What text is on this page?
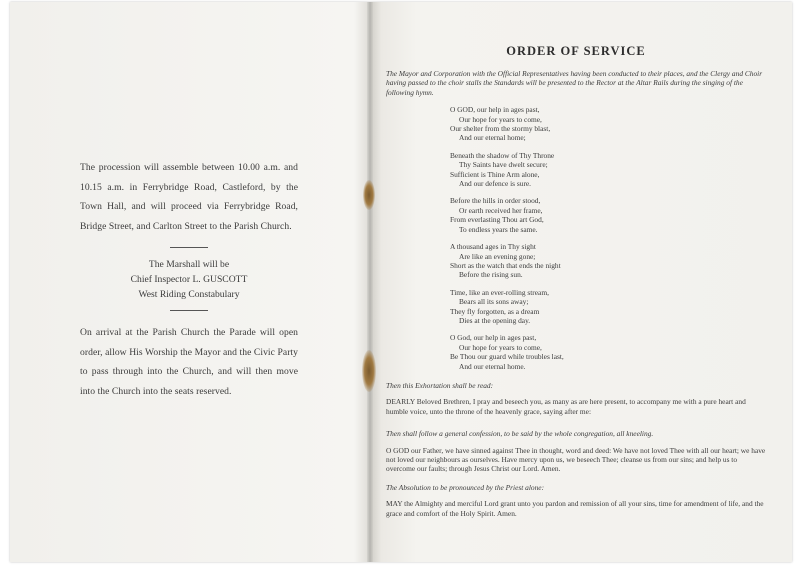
The procession will assemble between 10.00 a.m. and 10.15 a.m. in Ferrybridge Road, Castleford, by the Town Hall, and will proceed via Ferrybridge Road, Bridge Street, and Carlton Street to the Parish Church.

The Marshall will be
Chief Inspector L. GUSCOTT
West Riding Constabulary

On arrival at the Parish Church the Parade will open order, allow His Worship the Mayor and the Civic Party to pass through into the Church, and will then move into the Church into the seats reserved.

ORDER OF SERVICE

The Mayor and Corporation with the Official Representatives having been conducted to their places, and the Clergy and Choir having passed to the choir stalls the Standards will be presented to the Rector at the Altar Rails during the singing of the following hymn.

O GOD, our help in ages past,
Our hope for years to come,
Our shelter from the stormy blast,
And our eternal home;
Beneath the shadow of Thy Throne
Thy Saints have dwelt secure;
Sufficient is Thine Arm alone,
And our defence is sure.
Before the hills in order stood,
Or earth received her frame,
From everlasting Thou art God,
To endless years the same.
A thousand ages in Thy sight
Are like an evening gone;
Short as the watch that ends the night
Before the rising sun.
Time, like an ever-rolling stream,
Bears all its sons away;
They fly forgotten, as a dream
Dies at the opening day.
O God, our help in ages past,
Our hope for years to come,
Be Thou our guard while troubles last,
And our eternal home.

Then this Exhortation shall be read:

DEARLY Beloved Brethren, I pray and beseech you, as many as are here present, to accompany me with a pure heart and humble voice, unto the throne of the heavenly grace, saying after me:

Then shall follow a general confession, to be said by the whole congregation, all kneeling.

O GOD our Father, we have sinned against Thee in thought, word and deed: We have not loved Thee with all our heart; we have not loved our neighbours as ourselves. Have mercy upon us, we beseech Thee; cleanse us from our sins; and help us to overcome our faults; through Jesus Christ our Lord. Amen.

The Absolution to be pronounced by the Priest alone:

MAY the Almighty and merciful Lord grant unto you pardon and remission of all your sins, time for amendment of life, and the grace and comfort of the Holy Spirit. Amen.
